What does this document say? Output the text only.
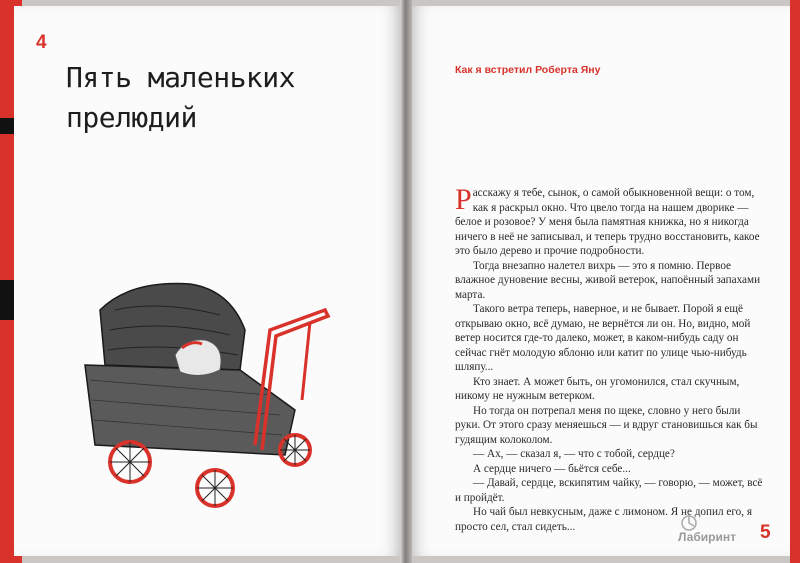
4
Пять маленьких
прелюдий
Как я встретил Роберта Яну

Расскажу я тебе, сынок, о самой обыкновенной вещи: о том, как я раскрыл окно. Что цвело тогда на нашем дворике — белое и розовое? У меня была памятная книжка, но я никогда ничего в неё не записывал, и теперь трудно восстановить, какое это было дерево и прочие подробности.

Тогда внезапно налетел вихрь — это я помню. Первое влажное дуновение весны, живой ветерок, напоённый запахами марта.

Такого ветра теперь, наверное, и не бывает. Порой я ещё открываю окно, всё думаю, не вернётся ли он. Но, видно, мой ветер носится где-то далеко, может, в каком-нибудь саду он сейчас гнёт молодую яблоню или катит по улице чью-нибудь шляпу...

Кто знает. А может быть, он угомонился, стал скучным, никому не нужным ветерком.

Но тогда он потрепал меня по щеке, словно у него были руки. От этого сразу меняешься — и вдруг становишься как бы гудящим колоколом.

— Ах, — сказал я, — что с тобой, сердце?

А сердце ничего — бьётся себе...

— Давай, сердце, вскипятим чайку, — говорю, — может, всё и пройдёт.

Но чай был невкусным, даже с лимоном. Я не допил его, я просто сел, стал сидеть...	5
Лабиринт
